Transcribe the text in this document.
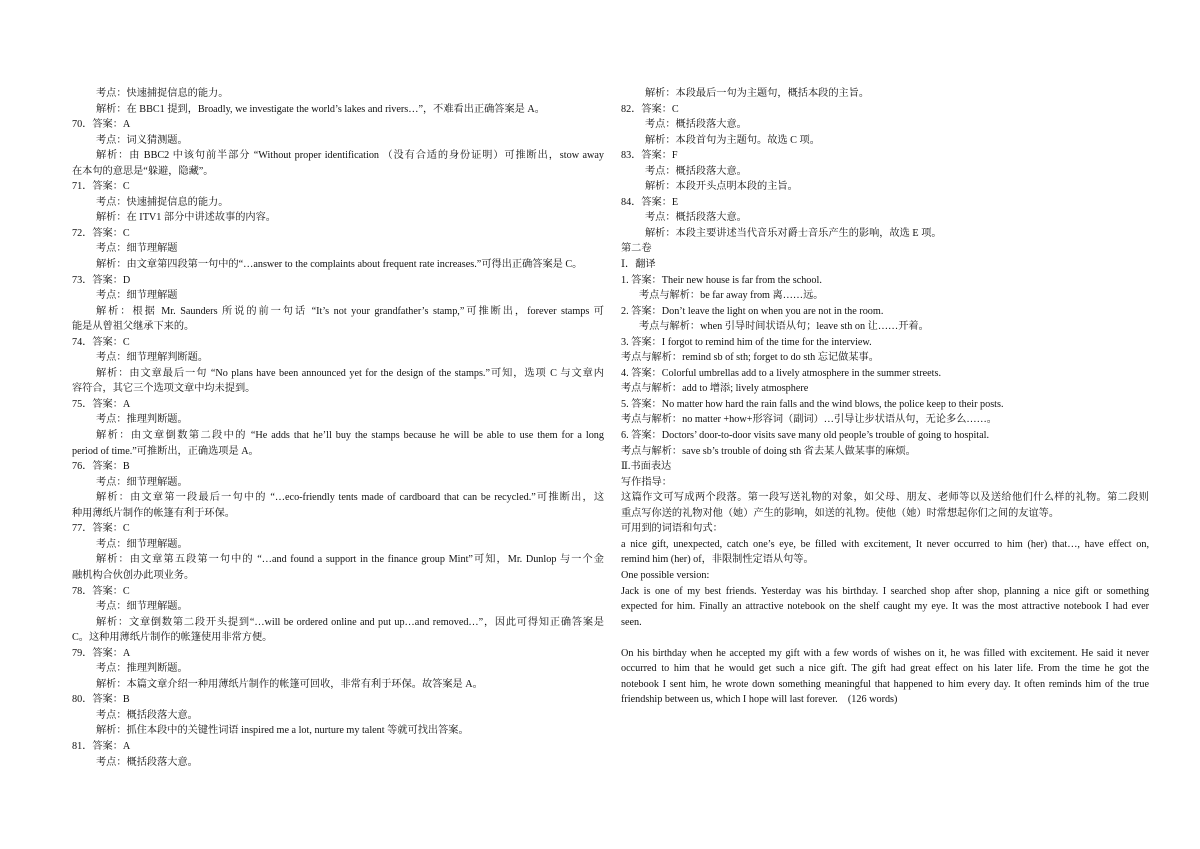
考点：快速捕捉信息的能力。
解析：在 BBC1 提到，Broadly, we investigate the world’s lakes and rivers…”，不难看出正确答案是 A。
70．答案：A
考点：词义猜测题。
解析：由 BBC2 中该句前半部分 “Without proper identification （没有合适的身份证明）可推断出，stow away
在本句的意思是“躲避，隐藏”。
71．答案：C
考点：快速捕捉信息的能力。
解析：在 ITV1 部分中讲述故事的内容。
72．答案：C
考点：细节理解题
解析：由文章第四段第一句中的“…answer to the complaints about frequent rate increases.”可得出正确答案是 C。
73．答案：D
考点：细节理解题
解析：根据 Mr. Saunders 所说的前一句话 “It’s not your grandfather’s stamp,”可推断出，forever stamps 可
能是从曾祖父继承下来的。
74．答案：C
考点：细节理解判断题。
解析：由文章最后一句 “No plans have been announced yet for the design of the stamps.”可知，选项 C 与文章内
容符合，其它三个选项文章中均未提到。
75．答案：A
考点：推理判断题。
解析：由文章倒数第二段中的 “He adds that he’ll buy the stamps because he will be able to use them for a long
period of time.”可推断出，正确选项是 A。
76．答案：B
考点：细节理解题。
解析：由文章第一段最后一句中的 “…eco-friendly tents made of cardboard that can be recycled.”可推断出，这
种用薄纸片制作的帐篷有利于环保。
77．答案：C
考点：细节理解题。
解析：由文章第五段第一句中的 “…and found a support in the finance group Mint”可知，Mr. Dunlop 与一个金
融机构合伙创办此项业务。
78．答案：C
考点：细节理解题。
解析：文章倒数第二段开头提到“…will be ordered online and put up…and removed…”，因此可得知正确答案是
C。这种用薄纸片制作的帐篷使用非常方便。
79．答案：A
考点：推理判断题。
解析：本篇文章介绍一种用薄纸片制作的帐篷可回收，非常有利于环保。故答案是 A。
80．答案：B
考点：概括段落大意。
解析：抓住本段中的关键性词语 inspired me a lot, nurture my talent 等就可找出答案。
81．答案：A
考点：概括段落大意。
解析：本段最后一句为主题句，概括本段的主旨。
82．答案：C
考点：概括段落大意。
解析：本段首句为主题句。故选 C 项。
83．答案：F
考点：概括段落大意。
解析：本段开头点明本段的主旨。
84．答案：E
考点：概括段落大意。
解析：本段主要讲述当代音乐对爵士音乐产生的影响，故选 E 项。
第二卷
Ⅰ．翻译
1. 答案：Their new house is far from the school.
考点与解析：be far away from 离……远。
2. 答案：Don’t leave the light on when you are not in the room.
考点与解析：when 引导时间状语从句；leave sth on 让……开着。
3. 答案：I forgot to remind him of the time for the interview.
考点与解析：remind sb of sth; forget to do sth 忘记做某事。
4. 答案：Colorful umbrellas add to a lively atmosphere in the summer streets.
考点与解析：add to 增添; lively atmosphere
5. 答案：No matter how hard the rain falls and the wind blows, the police keep to their posts.
考点与解析：no matter +how+形容词（副词）…引导让步状语从句，无论多么……。
6. 答案：Doctors’ door-to-door visits save many old people’s trouble of going to hospital.
考点与解析：save sb’s trouble of doing sth 省去某人做某事的麻烦。
Ⅱ.书面表达
写作指导：
这篇作文可写成两个段落。第一段写送礼物的对象，如父母、朋友、老师等以及送给他们什么样的礼物。第二段则
重点写你送的礼物对他（她）产生的影响，如送的礼物。使他（她）时常想起你们之间的友谊等。
可用到的词语和句式：
a nice gift, unexpected, catch one’s eye, be filled with excitement, It never occurred to him (her) that…, have effect on,
remind him (her) of，非限制性定语从句等。
One possible version:
Jack is one of my best friends. Yesterday was his birthday. I searched shop after shop, planning a nice gift or something
expected for him. Finally an attractive notebook on the shelf caught my eye. It was the most attractive notebook I had ever
seen.
On his birthday when he accepted my gift with a few words of wishes on it, he was filled with excitement. He said it never
occurred to him that he would get such a nice gift. The gift had great effect on his later life. From the time he got the
notebook I sent him, he wrote down something meaningful that happened to him every day. It often reminds him of the true
friendship between us, which I hope will last forever.　(126 words)
